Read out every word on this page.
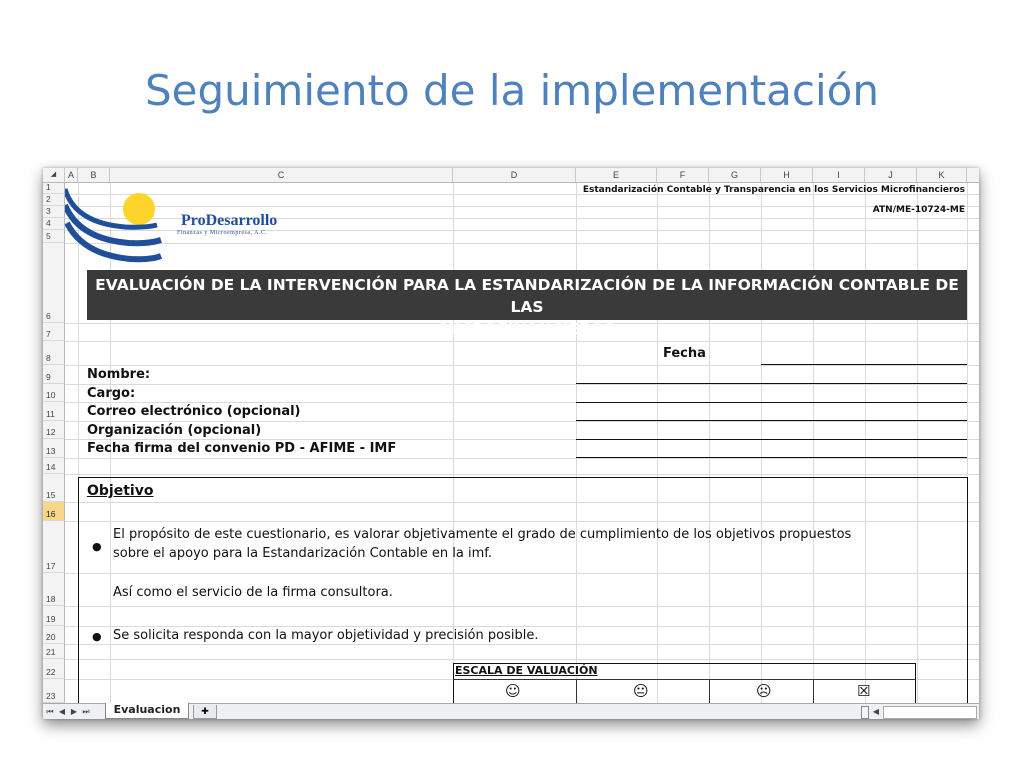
Seguimiento de la implementación
◢	A	B	C	D	E	F	G	H	I	J	K
1
2
3
4
5
6
7
8
9
10
11
12
13
14
15
16
17
18
19
20
21
22
23
ProDesarrollo
Finanzas y Microempresa, A.C.
Estandarización Contable y Transparencia en los Servicios Microfinancieros
ATN/ME-10724-ME
EVALUACIÓN DE LA INTERVENCIÓN PARA LA ESTANDARIZACIÓN DE LA INFORMACIÓN CONTABLE DE LAS
MICROFINANCIERAS
Fecha
Nombre:
Cargo:
Correo electrónico (opcional)
Organización (opcional)
Fecha firma del convenio PD - AFIME - IMF
Objetivo
●
El propósito de este cuestionario, es valorar objetivamente el grado de cumplimiento de los objetivos propuestos
sobre el apoyo para la Estandarización Contable en la imf.
Así como el servicio de la firma consultora.
● Se solicita responda con la mayor objetividad y precisión posible.
ESCALA DE VALUACIÓN
☺	😐	☹	☒
⏮ ◀ ▶ ⏭	Evaluacion	✚	◀
